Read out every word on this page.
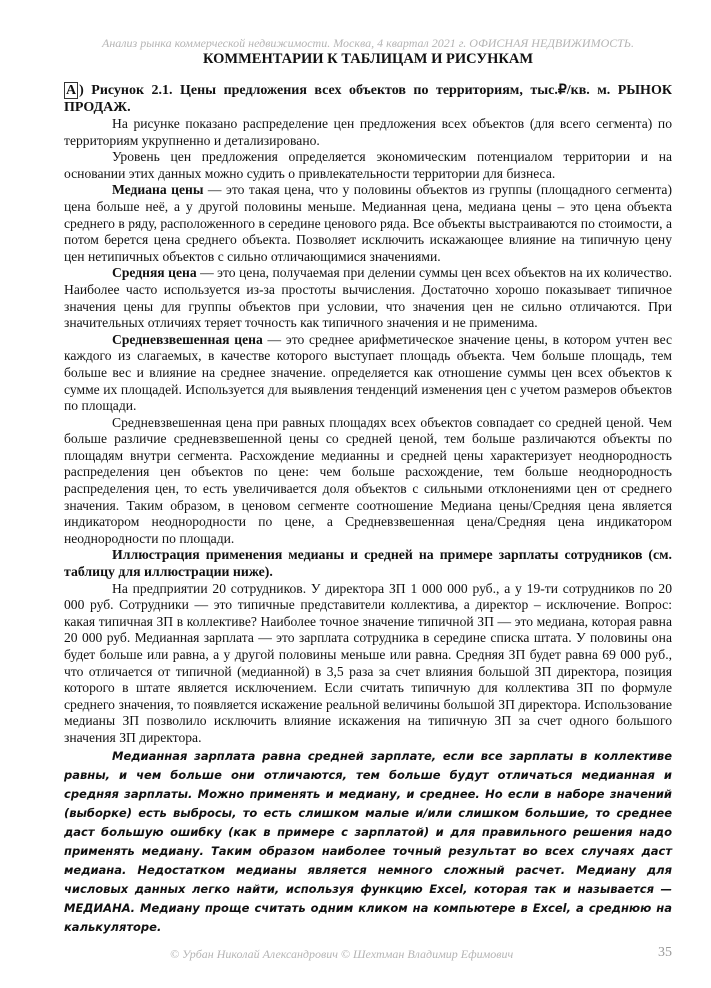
Анализ рынка коммерческой недвижимости. Москва, 4 квартал 2021 г. ОФИСНАЯ НЕДВИЖИМОСТЬ.
КОММЕНТАРИИ К ТАБЛИЦАМ И РИСУНКАМ
А ) Рисунок 2.1. Цены предложения всех объектов по территориям, тыс.₽/кв. м. РЫНОК ПРОДАЖ.

На рисунке показано распределение цен предложения всех объектов (для всего сегмента) по территориям укрупненно и детализировано.

Уровень цен предложения определяется экономическим потенциалом территории и на основании этих данных можно судить о привлекательности территории для бизнеса.

Медиана цены — это такая цена, что у половины объектов из группы (площадного сегмента) цена больше неё, а у другой половины меньше. Медианная цена, медиана цены – это цена объекта среднего в ряду, расположенного в середине ценового ряда. Все объекты выстраиваются по стоимости, а потом берется цена среднего объекта. Позволяет исключить искажающее влияние на типичную цену цен нетипичных объектов с сильно отличающимися значениями.

Средняя цена — это цена, получаемая при делении суммы цен всех объектов на их количество. Наиболее часто используется из-за простоты вычисления. Достаточно хорошо показывает типичное значения цены для группы объектов при условии, что значения цен не сильно отличаются. При значительных отличиях теряет точность как типичного значения и не применима.

Средневзвешенная цена — это среднее арифметическое значение цены, в котором учтен вес каждого из слагаемых, в качестве которого выступает площадь объекта. Чем больше площадь, тем больше вес и влияние на среднее значение. определяется как отношение суммы цен всех объектов к сумме их площадей. Используется для выявления тенденций изменения цен с учетом размеров объектов по площади.

Средневзвешенная цена при равных площадях всех объектов совпадает со средней ценой. Чем больше различие средневзвешенной цены со средней ценой, тем больше различаются объекты по площадям внутри сегмента. Расхождение медианны и средней цены характеризует неоднородность распределения цен объектов по цене: чем больше расхождение, тем больше неоднородность распределения цен, то есть увеличивается доля объектов с сильными отклонениями цен от среднего значения. Таким образом, в ценовом сегменте соотношение Медиана цены/Средняя цена является индикатором неоднородности по цене, а Средневзвешенная цена/Средняя цена индикатором неоднородности по площади.

Иллюстрация применения медианы и средней на примере зарплаты сотрудников (см. таблицу для иллюстрации ниже).

На предприятии 20 сотрудников. У директора ЗП 1 000 000 руб., а у 19-ти сотрудников по 20 000 руб. Сотрудники — это типичные представители коллектива, а директор – исключение. Вопрос: какая типичная ЗП в коллективе? Наиболее точное значение типичной ЗП — это медиана, которая равна 20 000 руб. Медианная зарплата — это зарплата сотрудника в середине списка штата. У половины она будет больше или равна, а у другой половины меньше или равна. Средняя ЗП будет равна 69 000 руб., что отличается от типичной (медианной) в 3,5 раза за счет влияния большой ЗП директора, позиция которого в штате является исключением. Если считать типичную для коллектива ЗП по формуле среднего значения, то появляется искажение реальной величины большой ЗП директора. Использование медианы ЗП позволило исключить влияние искажения на типичную ЗП за счет одного большого значения ЗП директора.

Медианная зарплата равна средней зарплате, если все зарплаты в коллективе равны, и чем больше они отличаются, тем больше будут отличаться медианная и средняя зарплаты. Можно применять и медиану, и среднее. Но если в наборе значений (выборке) есть выбросы, то есть слишком малые и/или слишком большие, то среднее даст большую ошибку (как в примере с зарплатой) и для правильного решения надо применять медиану. Таким образом наиболее точный результат во всех случаях даст медиана. Недостатком медианы является немного сложный расчет. Медиану для числовых данных легко найти, используя функцию Excel, которая так и называется — МЕДИАНА. Медиану проще считать одним кликом на компьютере в Excel, а среднюю на калькуляторе.

© Урбан Николай Александрович © Шехтман Владимир Ефимович	35
